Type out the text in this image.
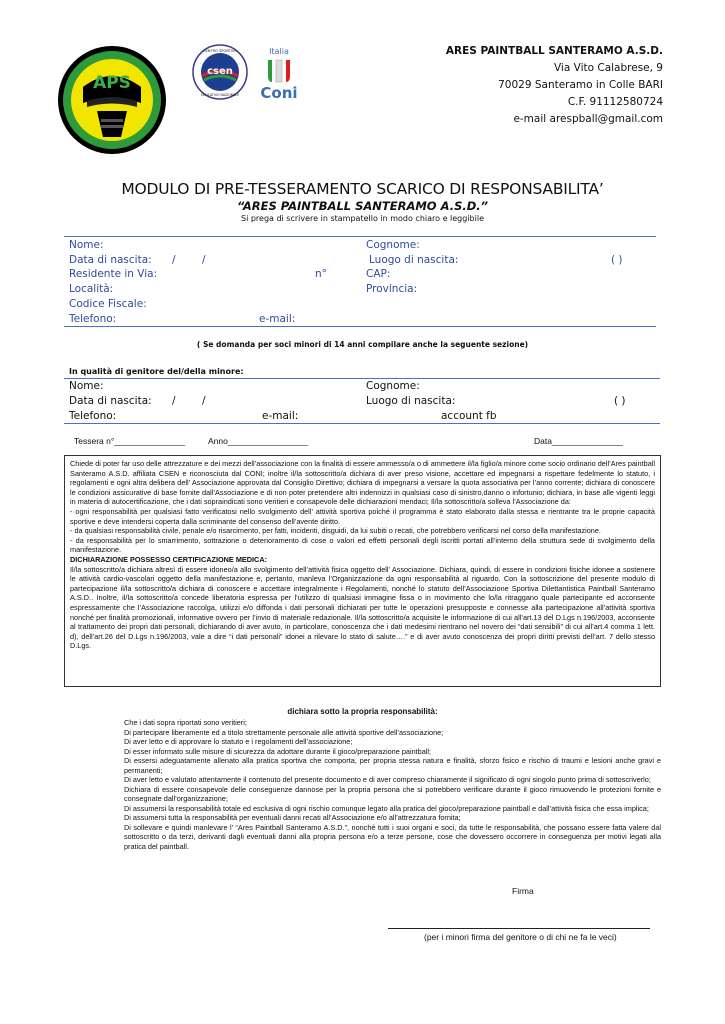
APS
csen
CENTRO SPORTIVO
EDUCATIVO NAZIONALE
Italia
Coni
ARES PAINTBALL SANTERAMO A.S.D.
Via Vito Calabrese, 9
70029 Santeramo in Colle BARI
C.F. 91112580724
e-mail arespball@gmail.com
MODULO DI PRE-TESSERAMENTO SCARICO DI RESPONSABILITA’
“ARES PAINTBALL SANTERAMO A.S.D.”
Si prega di scrivere in stampatello in modo chiaro e leggibile
Nome:	Cognome:
Data di nascita: /	/	Luogo di nascita:	( )
Residente in Via:	n°	CAP:
Località:	Provincia:
Codice Fiscale:
Telefono:	e-mail:
( Se domanda per soci minori di 14 anni compilare anche la seguente sezione)
In qualità di genitore del/della minore:
Nome:	Cognome:
Data di nascita: /	/	Luogo di nascita:	( )
Telefono:	e-mail:	account fb
Tessera n°_______________	Anno_________________	Data_______________

Chiede di poter far uso delle attrezzature e dei mezzi dell’associazione con la finalità di essere ammesso/a o di ammettere il/la figlio/a minore come socio ordinario dell’Ares paintball Santeramo A.S.D. affiliata CSEN e riconosciuta dal CONI; inoltre il/la sottoscritto/a dichiara di aver preso visione, accettare ed impegnarsi a rispettare fedelmente lo statuto, i regolamenti e ogni altra delibera dell’ Associazione approvata dal Consiglio Direttivo; dichiara di impegnarsi a versare la quota associativa per l’anno corrente; dichiara di conoscere le condizioni assicurative di base fornite dall’Associazione e di non poter pretendere altri indennizzi in qualsiasi caso di sinistro,danno o infortunio; dichiara, in base alle vigenti leggi in materia di autocertificazione, che i dati sopraindicati sono veritieri e consapevole delle dichiarazioni mendaci; Il/la sottoscritto/a solleva l’Associazione da:

- ogni responsabilità per qualsiasi fatto verificatosi nello svolgimento dell’ attività sportiva poiché il programma è stato elaborato dalla stessa e rientrante tra le proprie capacità sportive e deve intendersi coperta dalla scriminante del consenso dell’avente diritto.

- da qualsiasi responsabilità civile, penale e/o risarcimento, per fatti, incidenti, disguidi, da lui subiti o recati, che potrebbero verificarsi nel corso della manifestazione.

- da responsabilità per lo smarrimento, sottrazione o deterioramento di cose o valori ed effetti personali degli iscritti portati all’interno della struttura sede di svolgimento della manifestazione.

DICHIARAZIONE POSSESSO CERTIFICAZIONE MEDICA:

Il/la sottoscritto/a dichiara altresì di essere idoneo/a allo svolgimento dell’attività fisica oggetto dell’ Associazione. Dichiara, quindi, di essere in condizioni fisiche idonee a sostenere le attività cardio-vascolari oggetto della manifestazione e, pertanto, manleva l’Organizzazione da ogni responsabilità al riguardo. Con la sottoscrizione del presente modulo di partecipazione il/la sottoscritto/a dichiara di conoscere e accettare integralmente i Regolamenti, nonché lo statuto dell’Associazione Sportiva Dilettantistica Paintball Santeramo A.S.D.. Inoltre, il/la sottoscritto/a concede liberatoria espressa per l’utilizzo di qualsiasi immagine fissa o in movimento che lo/la ritraggano quale partecipante ed acconsente espressamente che l’Associazione raccolga, utilizzi e/o diffonda i dati personali dichiarati per tutte le operazioni presupposte e connesse alla partecipazione all’attività sportiva nonché per finalità promozionali, informative ovvero per l’invio di materiale redazionale. Il/la sottoscritto/a acquisite le informazione di cui all’art.13 del D.Lgs n.196/2003, acconsente al trattamento dei propri dati personali, dichiarando di aver avuto, in particolare, conoscenza che i dati medesimi rientrano nel novero dei “dati sensibili” di cui all’art.4 comma 1 lett. d), dell’art.26 del D.Lgs n.196/2003, vale a dire “i dati personali” idonei a rilevare lo stato di salute….” e di aver avuto conoscenza dei propri diritti previsti dell’art. 7 dello stesso D.Lgs.

dichiara sotto la propria responsabilità:

Che i dati sopra riportati sono veritieri;

Di partecipare liberamente ed a titolo strettamente personale alle attività sportive dell’associazione;

Di aver letto e di approvare lo statuto e i regolamenti dell’associazione;

Di esser informato sulle misure di sicurezza da adottare durante il gioco/preparazione paintball;

Di essersi adeguatamente allenato alla pratica sportiva che comporta, per propria stessa natura e finalità, sforzo fisico e rischio di traumi e lesioni anche gravi e permanenti;

Di aver letto e valutato attentamente il contenuto del presente documento e di aver compreso chiaramente il significato di ogni singolo punto prima di sottoscriverlo;

Dichiara di essere consapevole delle conseguenze dannose per la propria persona che si potrebbero verificare durante il gioco rimuovendo le protezioni fornite e consegnate dall’organizzazione;

Di assumersi la responsabilità totale ed esclusiva di ogni rischio comunque legato alla pratica del gioco/preparazione paintball e dall’attività fisica che essa implica;

Di assumersi tutta la responsabilità per eventuali danni recati all’Associazione e/o all’attrezzatura fornita;

Di sollevare e quindi manlevare l’ “Ares Paintball Santeramo A.S.D.”, nonché tutti i suoi organi e soci, da tutte le responsabilità, che possano essere fatta valere dal sottoscritto o da terzi, derivanti dagli eventuali danni alla propria persona e/o a terze persone, cose che dovessero occorrere in conseguenza per motivi legati alla pratica del paintball.

Firma
(per i minori firma del genitore o di chi ne fa le veci)
